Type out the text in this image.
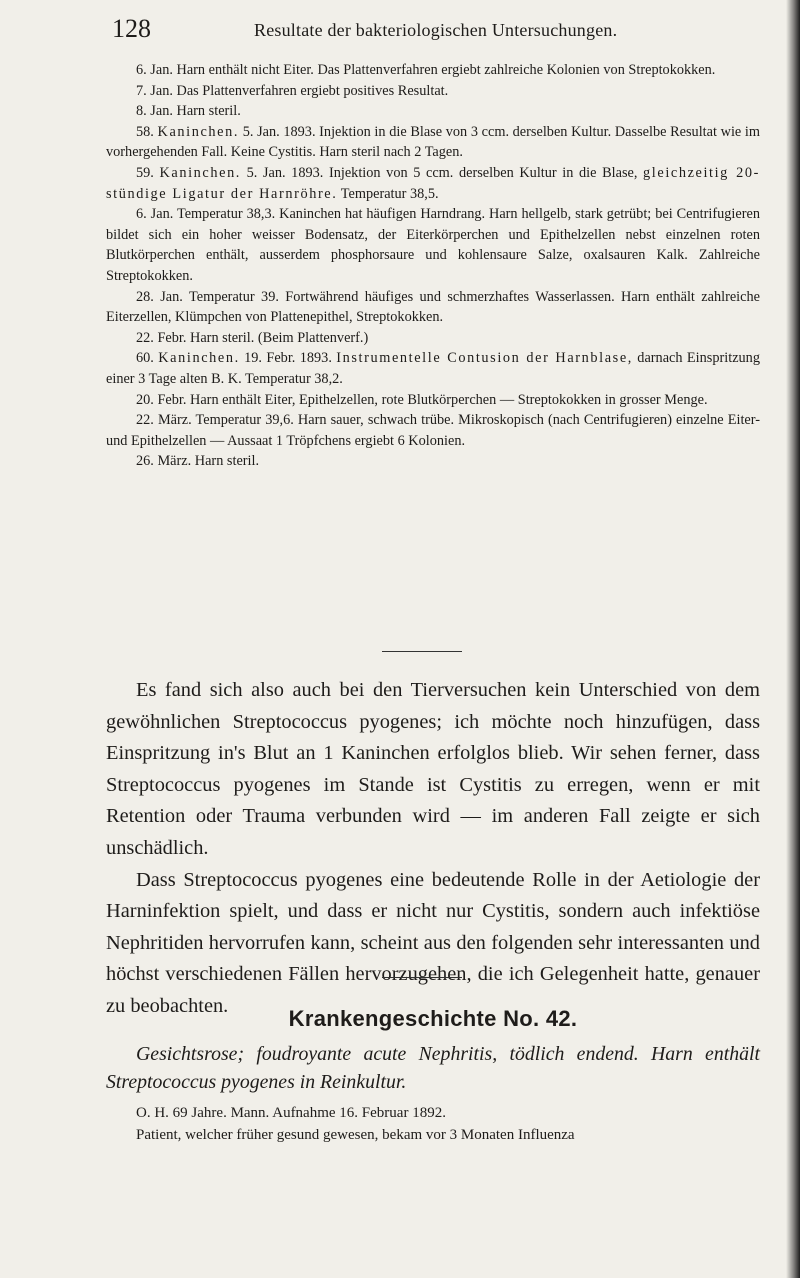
128	Resultate der bakteriologischen Untersuchungen.

6. Jan. Harn enthält nicht Eiter. Das Plattenverfahren ergiebt zahlreiche Kolonien von Streptokokken.

7. Jan. Das Plattenverfahren ergiebt positives Resultat.

8. Jan. Harn steril.

58. Kaninchen. 5. Jan. 1893. Injektion in die Blase von 3 ccm. derselben Kultur. Dasselbe Resultat wie im vorhergehenden Fall. Keine Cystitis. Harn steril nach 2 Tagen.

59. Kaninchen. 5. Jan. 1893. Injektion von 5 ccm. derselben Kultur in die Blase, gleichzeitig 20-stündige Ligatur der Harnröhre. Temperatur 38,5.

6. Jan. Temperatur 38,3. Kaninchen hat häufigen Harndrang. Harn hellgelb, stark getrübt; bei Centrifugieren bildet sich ein hoher weisser Bodensatz, der Eiterkörperchen und Epithelzellen nebst einzelnen roten Blutkörperchen enthält, ausserdem phosphorsaure und kohlensaure Salze, oxalsauren Kalk. Zahlreiche Streptokokken.

28. Jan. Temperatur 39. Fortwährend häufiges und schmerzhaftes Wasserlassen. Harn enthält zahlreiche Eiterzellen, Klümpchen von Plattenepithel, Streptokokken.

22. Febr. Harn steril. (Beim Plattenverf.)

60. Kaninchen. 19. Febr. 1893. Instrumentelle Contusion der Harnblase, darnach Einspritzung einer 3 Tage alten B. K. Temperatur 38,2.

20. Febr. Harn enthält Eiter, Epithelzellen, rote Blutkörperchen — Streptokokken in grosser Menge.

22. März. Temperatur 39,6. Harn sauer, schwach trübe. Mikroskopisch (nach Centrifugieren) einzelne Eiter- und Epithelzellen — Aussaat 1 Tröpfchens ergiebt 6 Kolonien.

26. März. Harn steril.

Es fand sich also auch bei den Tierversuchen kein Unterschied von dem gewöhnlichen Streptococcus pyogenes; ich möchte noch hinzufügen, dass Einspritzung in's Blut an 1 Kaninchen erfolglos blieb. Wir sehen ferner, dass Streptococcus pyogenes im Stande ist Cystitis zu erregen, wenn er mit Retention oder Trauma verbunden wird — im anderen Fall zeigte er sich unschädlich.

Dass Streptococcus pyogenes eine bedeutende Rolle in der Aetiologie der Harninfektion spielt, und dass er nicht nur Cystitis, sondern auch infektiöse Nephritiden hervorrufen kann, scheint aus den folgenden sehr interessanten und höchst verschiedenen Fällen hervorzugehen, die ich Gelegenheit hatte, genauer zu beobachten.

Krankengeschichte No. 42.

Gesichtsrose; foudroyante acute Nephritis, tödlich endend. Harn enthält Streptococcus pyogenes in Reinkultur.

O. H. 69 Jahre. Mann. Aufnahme 16. Februar 1892.

Patient, welcher früher gesund gewesen, bekam vor 3 Monaten Influenza
